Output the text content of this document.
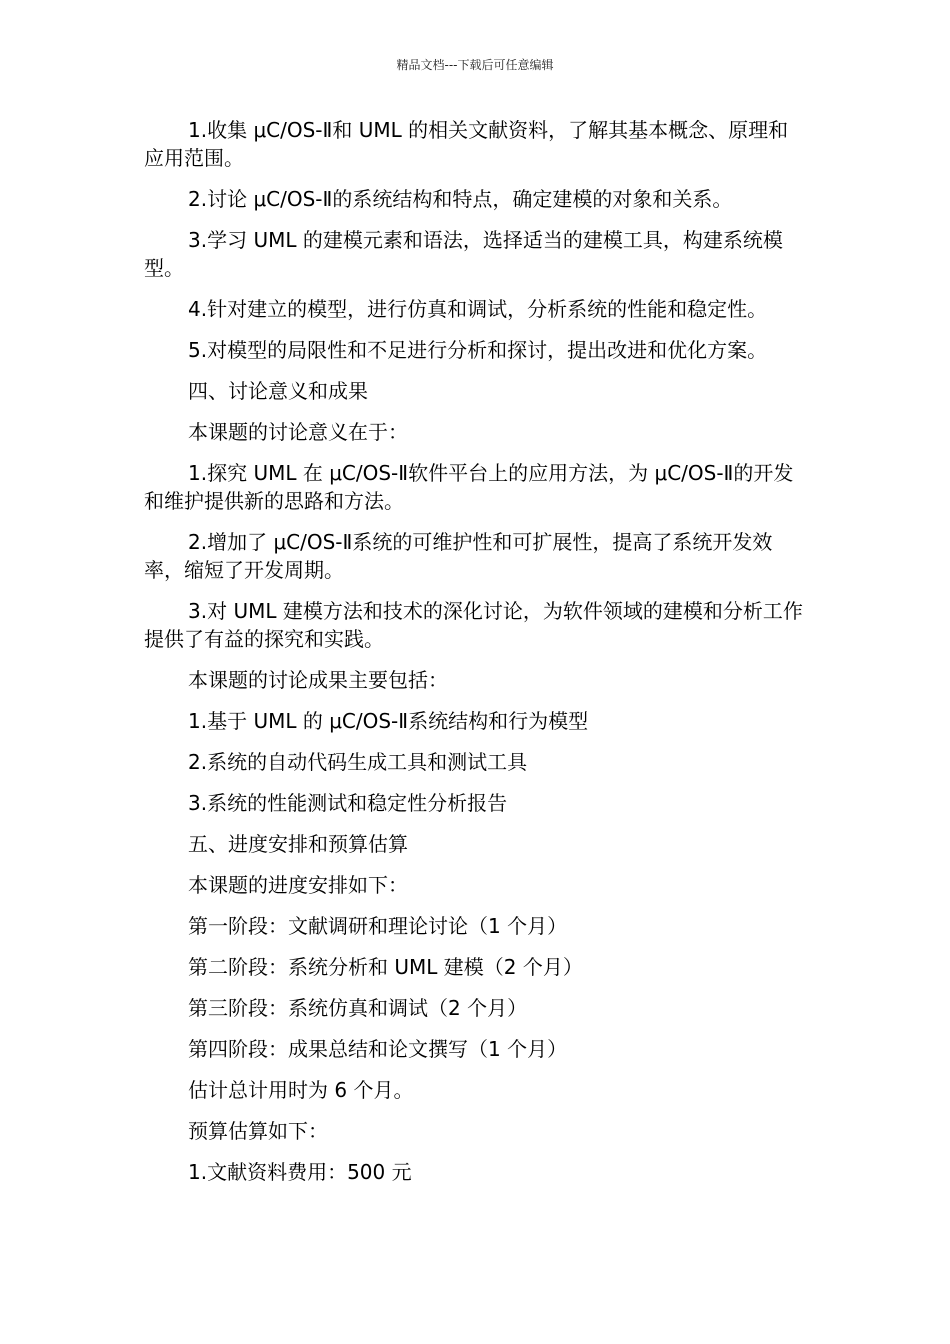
精品文档---下载后可任意编辑

1.收集 μC/OS-Ⅱ和 UML 的相关文献资料，了解其基本概念、原理和应用范围。

2.讨论 μC/OS-Ⅱ的系统结构和特点，确定建模的对象和关系。

3.学习 UML 的建模元素和语法，选择适当的建模工具，构建系统模型。

4.针对建立的模型，进行仿真和调试，分析系统的性能和稳定性。

5.对模型的局限性和不足进行分析和探讨，提出改进和优化方案。

四、讨论意义和成果

本课题的讨论意义在于：

1.探究 UML 在 μC/OS-Ⅱ软件平台上的应用方法，为 μC/OS-Ⅱ的开发和维护提供新的思路和方法。

2.增加了 μC/OS-Ⅱ系统的可维护性和可扩展性，提高了系统开发效率，缩短了开发周期。

3.对 UML 建模方法和技术的深化讨论，为软件领域的建模和分析工作提供了有益的探究和实践。

本课题的讨论成果主要包括：

1.基于 UML 的 μC/OS-Ⅱ系统结构和行为模型

2.系统的自动代码生成工具和测试工具

3.系统的性能测试和稳定性分析报告

五、进度安排和预算估算

本课题的进度安排如下：

第一阶段：文献调研和理论讨论（1 个月）

第二阶段：系统分析和 UML 建模（2 个月）

第三阶段：系统仿真和调试（2 个月）

第四阶段：成果总结和论文撰写（1 个月）

估计总计用时为 6 个月。

预算估算如下：

1.文献资料费用：500 元
